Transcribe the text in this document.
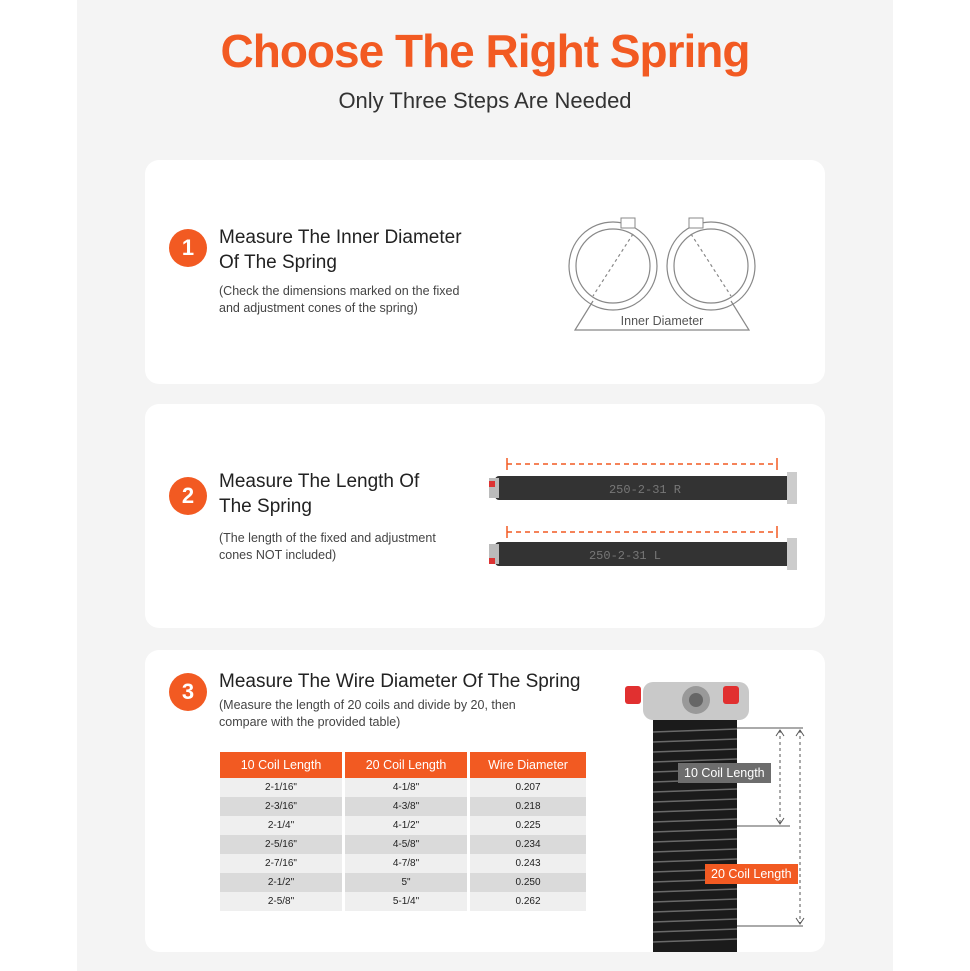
Choose The Right Spring
Only Three Steps Are Needed
1	Measure The Inner Diameter
Of The Spring
(Check the dimensions marked on the fixed
and adjustment cones of the spring)
Inner Diameter
2
Measure The Length Of
The Spring
(The length of the fixed and adjustment
cones NOT included)
250-2-31 R
250-2-31 L
3	Measure The Wire Diameter Of The Spring
(Measure the length of 20 coils and divide by 20, then
compare with the provided table)
10 Coil Length	20 Coil Length	Wire Diameter
2-1/16"	4-1/8"	0.207
2-3/16"	4-3/8"	0.218
2-1/4"	4-1/2"	0.225
2-5/16"	4-5/8"	0.234
2-7/16"	4-7/8"	0.243
2-1/2"	5"	0.250
2-5/8"	5-1/4"	0.262
10 Coil Length
20 Coil Length
